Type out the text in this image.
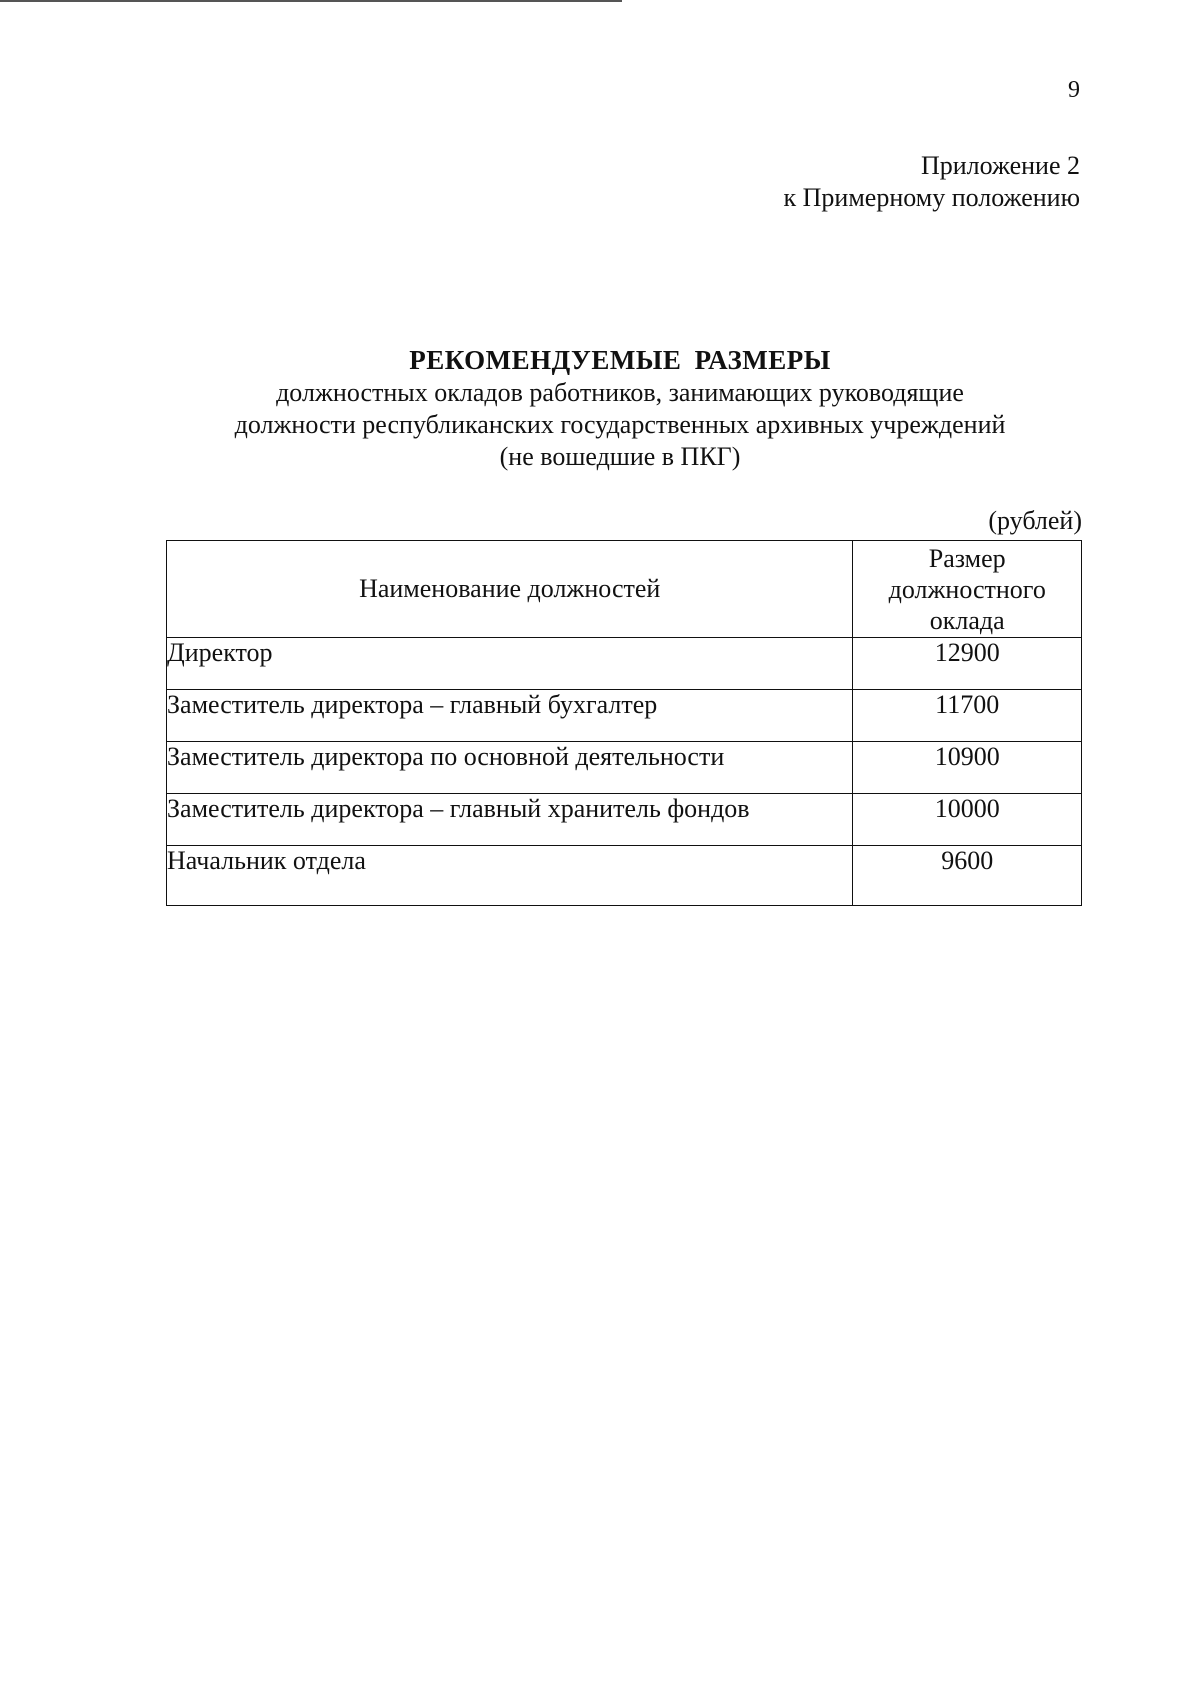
9
Приложение 2
к Примерному положению
РЕКОМЕНДУЕМЫЕ РАЗМЕРЫ
должностных окладов работников, занимающих руководящие
должности республиканских государственных архивных учреждений
(не вошедшие в ПКГ)
(рублей)
Наименование должностей	Размер
должностного
оклада

Директор	12900
Заместитель директора – главный бухгалтер	11700
Заместитель директора по основной деятельности	10900
Заместитель директора – главный хранитель фондов	10000
Начальник отдела	9600
